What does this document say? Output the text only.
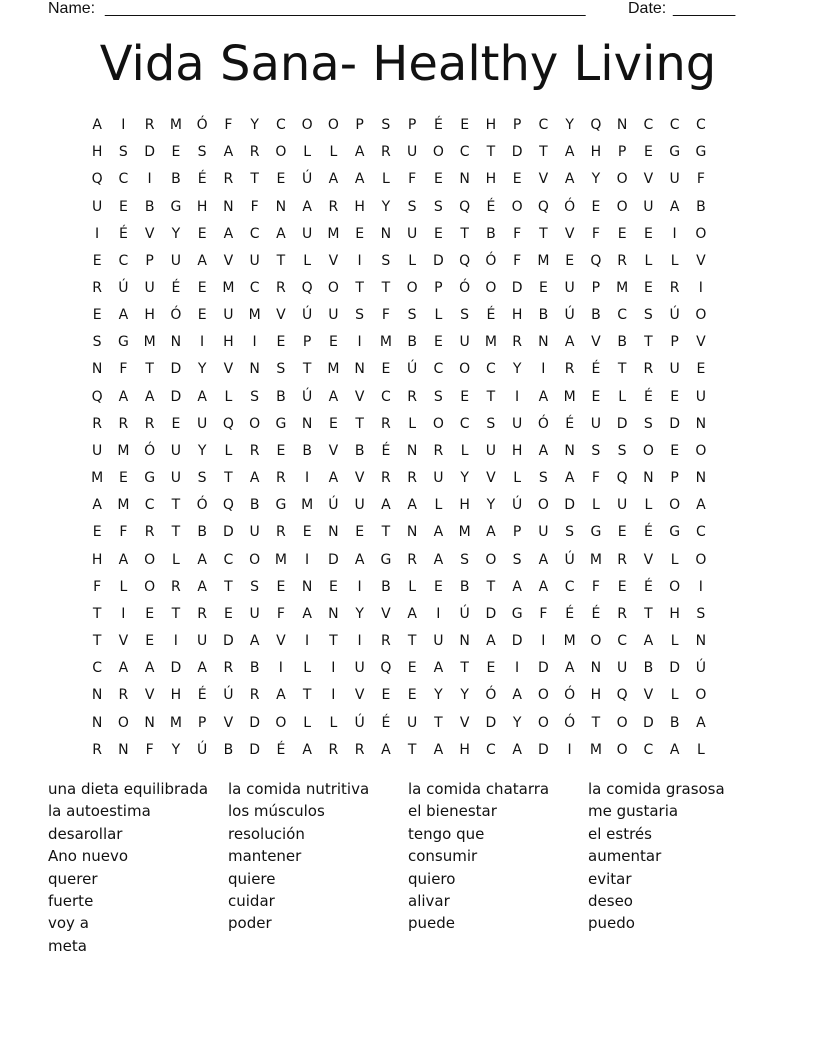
Name: ______________________________________________________	Date: _______
Vida Sana- Healthy Living
A	I	R	M	Ó	F	Y	C	O	O	P	S	P	É	E	H	P	C	Y	Q	N	C	C	C
H	S	D	E	S	A	R	O	L	L	A	R	U	O	C	T	D	T	A	H	P	E	G	G
Q	C	I	B	É	R	T	E	Ú	A	A	L	F	E	N	H	E	V	A	Y	O	V	U	F
U	E	B	G	H	N	F	N	A	R	H	Y	S	S	Q	É	O	Q	Ó	E	O	U	A	B
I	É	V	Y	E	A	C	A	U	M	E	N	U	E	T	B	F	T	V	F	E	E	I	O
E	C	P	U	A	V	U	T	L	V	I	S	L	D	Q	Ó	F	M	E	Q	R	L	L	V
R	Ú	U	É	E	M	C	R	Q	O	T	T	O	P	Ó	O	D	E	U	P	M	E	R	I
E	A	H	Ó	E	U	M	V	Ú	U	S	F	S	L	S	É	H	B	Ú	B	C	S	Ú	O
S	G	M	N	I	H	I	E	P	E	I	M	B	E	U	M	R	N	A	V	B	T	P	V
N	F	T	D	Y	V	N	S	T	M	N	E	Ú	C	O	C	Y	I	R	É	T	R	U	E
Q	A	A	D	A	L	S	B	Ú	A	V	C	R	S	E	T	I	A	M	E	L	É	E	U
R	R	R	E	U	Q	O	G	N	E	T	R	L	O	C	S	U	Ó	É	U	D	S	D	N
U	M	Ó	U	Y	L	R	E	B	V	B	É	N	R	L	U	H	A	N	S	S	O	E	O
M	E	G	U	S	T	A	R	I	A	V	R	R	U	Y	V	L	S	A	F	Q	N	P	N
A	M	C	T	Ó	Q	B	G	M	Ú	U	A	A	L	H	Y	Ú	O	D	L	U	L	O	A
E	F	R	T	B	D	U	R	E	N	E	T	N	A	M	A	P	U	S	G	E	É	G	C
H	A	O	L	A	C	O	M	I	D	A	G	R	A	S	O	S	A	Ú	M	R	V	L	O
F	L	O	R	A	T	S	E	N	E	I	B	L	E	B	T	A	A	C	F	E	É	O	I
T	I	E	T	R	E	U	F	A	N	Y	V	A	I	Ú	D	G	F	É	É	R	T	H	S
T	V	E	I	U	D	A	V	I	T	I	R	T	U	N	A	D	I	M	O	C	A	L	N
C	A	A	D	A	R	B	I	L	I	U	Q	E	A	T	E	I	D	A	N	U	B	D	Ú
N	R	V	H	É	Ú	R	A	T	I	V	E	E	Y	Y	Ó	A	O	Ó	H	Q	V	L	O
N	O	N	M	P	V	D	O	L	L	Ú	É	U	T	V	D	Y	O	Ó	T	O	D	B	A
R	N	F	Y	Ú	B	D	É	A	R	R	A	T	A	H	C	A	D	I	M	O	C	A	L
una dieta equilibrada	la comida nutritiva	la comida chatarra	la comida grasosa
la autoestima	los músculos	el bienestar	me gustaria
desarollar	resolución	tengo que	el estrés
Ano nuevo	mantener	consumir	aumentar
querer	quiere	quiero	evitar
fuerte	cuidar	alivar	deseo
voy a	poder	puede	puedo
meta
